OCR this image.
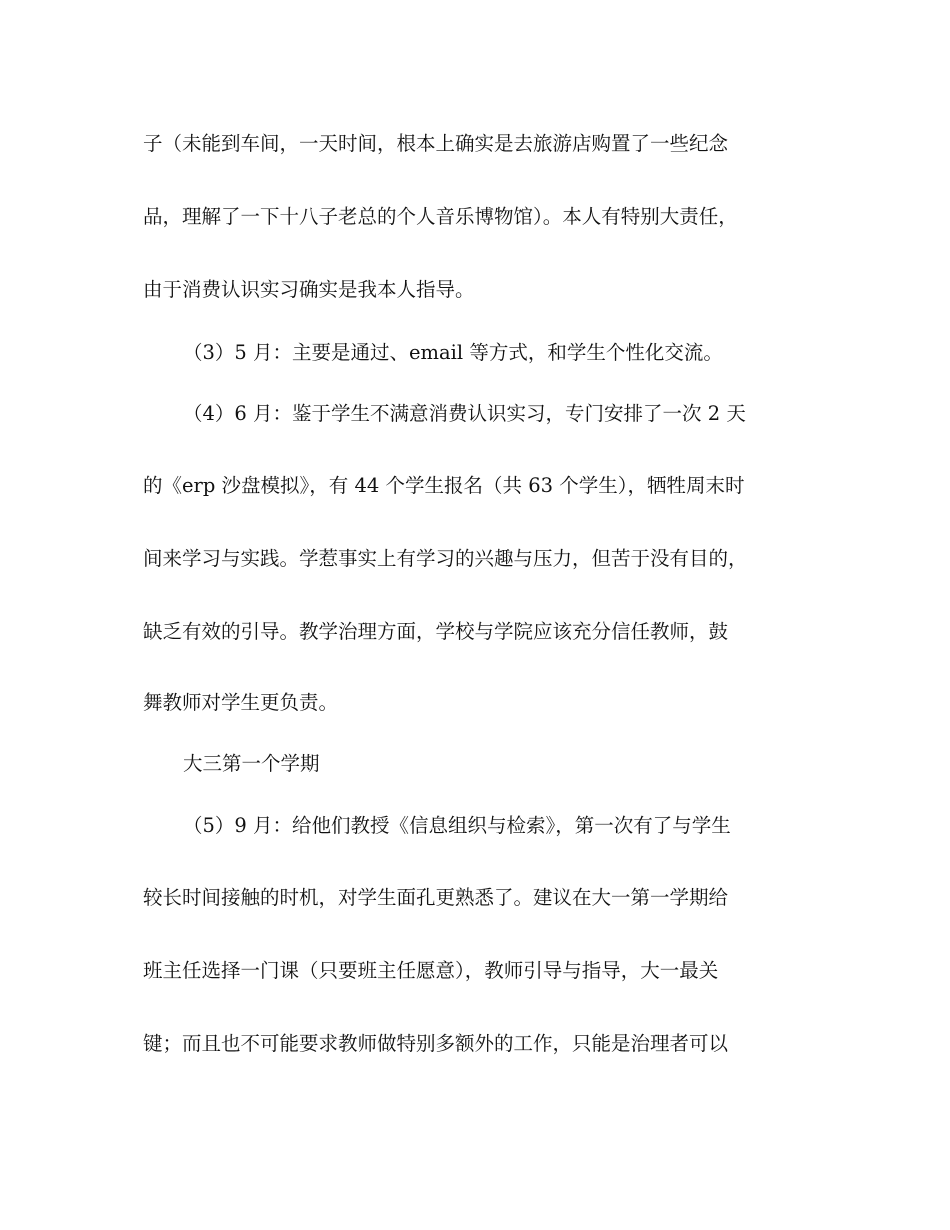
子（未能到车间，一天时间，根本上确实是去旅游店购置了一些纪念

品，理解了一下十八子老总的个人音乐博物馆）。本人有特别大责任，

由于消费认识实习确实是我本人指导。

（3）5 月：主要是通过、email 等方式，和学生个性化交流。

（4）6 月：鉴于学生不满意消费认识实习，专门安排了一次 2 天

的《erp 沙盘模拟》，有 44 个学生报名（共 63 个学生），牺牲周末时

间来学习与实践。学惹事实上有学习的兴趣与压力，但苦于没有目的，

缺乏有效的引导。教学治理方面，学校与学院应该充分信任教师，鼓

舞教师对学生更负责。

大三第一个学期

（5）9 月：给他们教授《信息组织与检索》，第一次有了与学生

较长时间接触的时机，对学生面孔更熟悉了。建议在大一第一学期给

班主任选择一门课（只要班主任愿意），教师引导与指导，大一最关

键；而且也不可能要求教师做特别多额外的工作，只能是治理者可以
